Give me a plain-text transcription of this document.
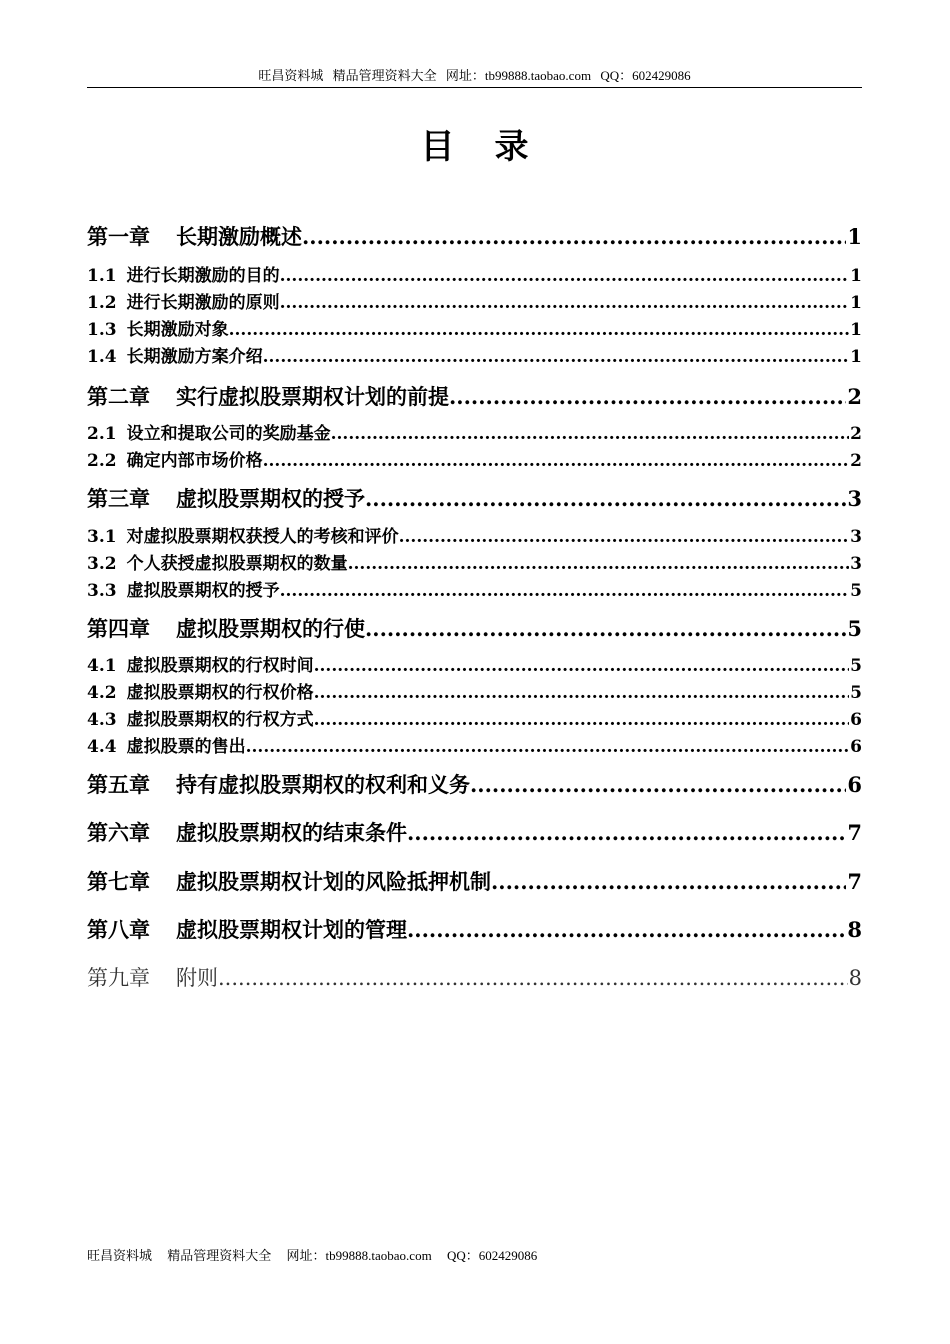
旺昌资料城 精品管理资料大全 网址：tb99888.taobao.com QQ：602429086
目录
第一章 长期激励概述 .....	1
1.1 进行长期激励的目的 .....	1
1.2 进行长期激励的原则 .....	1
1.3 长期激励对象 .....	1
1.4 长期激励方案介绍 .....	1
第二章 实行虚拟股票期权计划的前提 .....	2
2.1 设立和提取公司的奖励基金 .....	2
2.2 确定内部市场价格 .....	2
第三章 虚拟股票期权的授予 .....	3
3.1 对虚拟股票期权获授人的考核和评价 .....	3
3.2 个人获授虚拟股票期权的数量 .....	3
3.3 虚拟股票期权的授予 .....	5
第四章 虚拟股票期权的行使 .....	5
4.1 虚拟股票期权的行权时间 .....	5
4.2 虚拟股票期权的行权价格 .....	5
4.3 虚拟股票期权的行权方式 .....	6
4.4 虚拟股票的售出 .....	6
第五章 持有虚拟股票期权的权利和义务 .....	6
第六章 虚拟股票期权的结束条件 .....	7
第七章 虚拟股票期权计划的风险抵押机制 .....	7
第八章 虚拟股票期权计划的管理 .....	8
第九章 附则 .....	8
旺昌资料城 精品管理资料大全 网址：tb99888.taobao.com QQ：602429086
